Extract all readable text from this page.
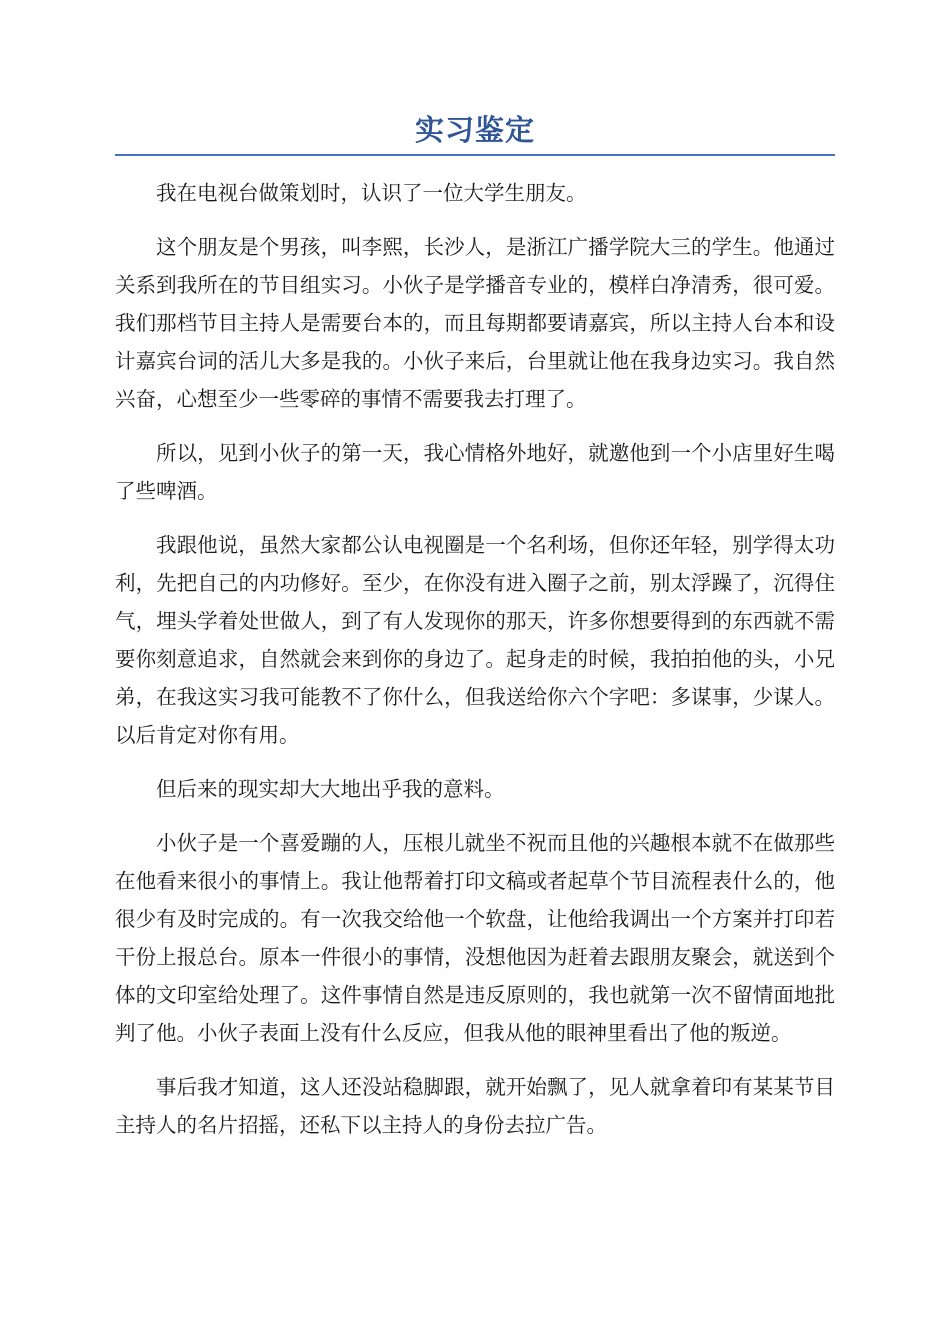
实习鉴定

我在电视台做策划时，认识了一位大学生朋友。

这个朋友是个男孩，叫李熙，长沙人，是浙江广播学院大三的学生。他通过关系到我所在的节目组实习。小伙子是学播音专业的，模样白净清秀，很可爱。我们那档节目主持人是需要台本的，而且每期都要请嘉宾，所以主持人台本和设计嘉宾台词的活儿大多是我的。小伙子来后，台里就让他在我身边实习。我自然兴奋，心想至少一些零碎的事情不需要我去打理了。

所以，见到小伙子的第一天，我心情格外地好，就邀他到一个小店里好生喝了些啤酒。

我跟他说，虽然大家都公认电视圈是一个名利场，但你还年轻，别学得太功利，先把自己的内功修好。至少，在你没有进入圈子之前，别太浮躁了，沉得住气，埋头学着处世做人，到了有人发现你的那天，许多你想要得到的东西就不需要你刻意追求，自然就会来到你的身边了。起身走的时候，我拍拍他的头，小兄弟，在我这实习我可能教不了你什么，但我送给你六个字吧：多谋事，少谋人。以后肯定对你有用。

但后来的现实却大大地出乎我的意料。

小伙子是一个喜爱蹦的人，压根儿就坐不祝而且他的兴趣根本就不在做那些在他看来很小的事情上。我让他帮着打印文稿或者起草个节目流程表什么的，他很少有及时完成的。有一次我交给他一个软盘，让他给我调出一个方案并打印若干份上报总台。原本一件很小的事情，没想他因为赶着去跟朋友聚会，就送到个体的文印室给处理了。这件事情自然是违反原则的，我也就第一次不留情面地批判了他。小伙子表面上没有什么反应，但我从他的眼神里看出了他的叛逆。

事后我才知道，这人还没站稳脚跟，就开始飘了，见人就拿着印有某某节目主持人的名片招摇，还私下以主持人的身份去拉广告。
